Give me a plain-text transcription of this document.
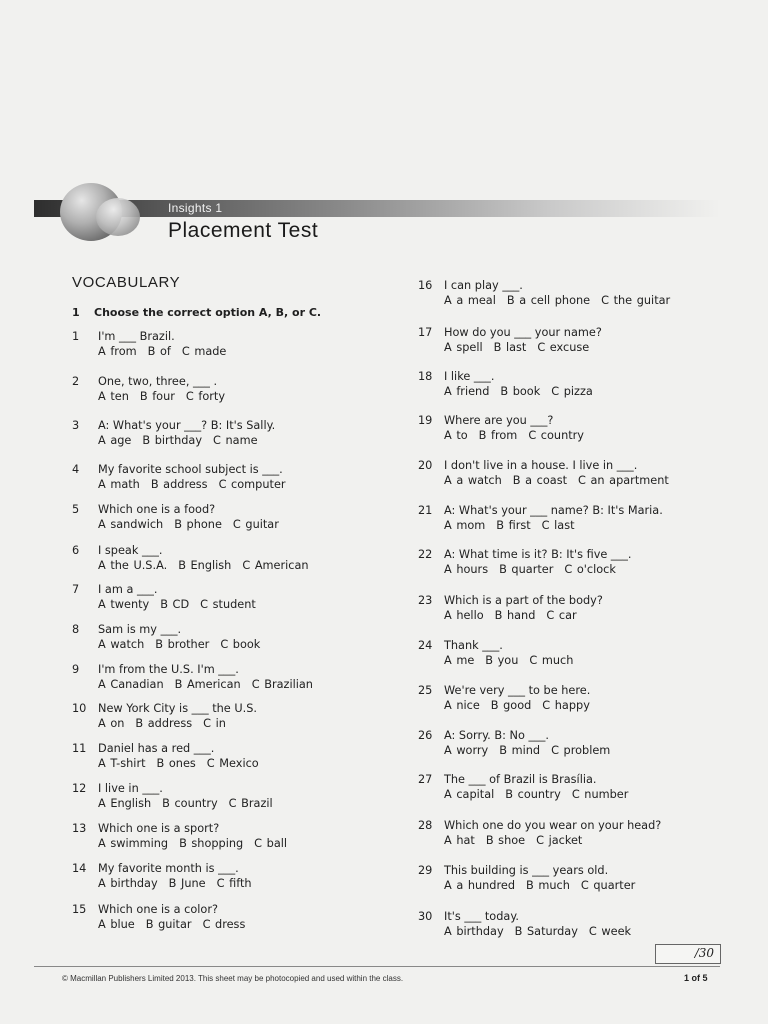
Insights 1
Placement Test
VOCABULARY
1 Choose the correct option A, B, or C.
1 I'm ___ Brazil.
A from B of C made
2 One, two, three, ___ .
A ten B four C forty
3 A: What's your ___? B: It's Sally.
A age B birthday C name
4 My favorite school subject is ___.
A math B address C computer
5 Which one is a food?
A sandwich B phone C guitar
6 I speak ___.
A the U.S.A. B English C American
7 I am a ___.
A twenty B CD C student
8 Sam is my ___.
A watch B brother C book
9 I'm from the U.S. I'm ___.
A Canadian B American C Brazilian
10 New York City is ___ the U.S.
A on B address C in
11 Daniel has a red ___.
A T-shirt B ones C Mexico
12 I live in ___.
A English B country C Brazil
13 Which one is a sport?
A swimming B shopping C ball
14 My favorite month is ___.
A birthday B June C fifth
15 Which one is a color?
A blue B guitar C dress
16 I can play ___.
A a meal B a cell phone C the guitar
17 How do you ___ your name?
A spell B last C excuse
18 I like ___.
A friend B book C pizza
19 Where are you ___?
A to B from C country
20 I don't live in a house. I live in ___.
A a watch B a coast C an apartment
21 A: What's your ___ name? B: It's Maria.
A mom B first C last
22 A: What time is it? B: It's five ___.
A hours B quarter C o'clock
23 Which is a part of the body?
A hello B hand C car
24 Thank ___.
A me B you C much
25 We're very ___ to be here.
A nice B good C happy
26 A: Sorry. B: No ___.
A worry B mind C problem
27 The ___ of Brazil is Brasília.
A capital B country C number
28 Which one do you wear on your head?
A hat B shoe C jacket
29 This building is ___ years old.
A a hundred B much C quarter
30 It's ___ today.
A birthday B Saturday C week
/30
© Macmillan Publishers Limited 2013. This sheet may be photocopied and used within the class.	1 of 5
